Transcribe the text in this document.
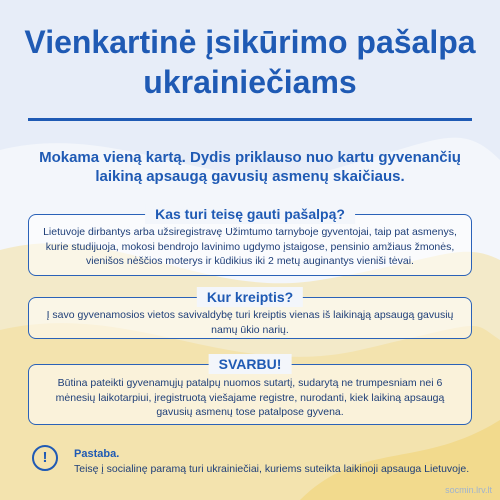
Vienkartinė įsikūrimo pašalpa ukrainiečiams
Mokama vieną kartą. Dydis priklauso nuo kartu gyvenančių laikiną apsaugą gavusių asmenų skaičiaus.
Kas turi teisę gauti pašalpą?
Lietuvoje dirbantys arba užsiregistravę Užimtumo tarnyboje gyventojai, taip pat asmenys, kurie studijuoja, mokosi bendrojo lavinimo ugdymo įstaigose, pensinio amžiaus žmonės, vienišos nėščios moterys ir kūdikius iki 2 metų auginantys vieniši tėvai.
Kur kreiptis?
Į savo gyvenamosios vietos savivaldybę turi kreiptis vienas iš laikinąją apsaugą gavusių namų ūkio narių.
SVARBU!
Būtina pateikti gyvenamųjų patalpų nuomos sutartį, sudarytą ne trumpesniam nei 6 mėnesių laikotarpiui, įregistruotą viešajame registre, nurodanti, kiek laikiną apsaugą gavusių asmenų tose patalpose gyvena.
!	Pastaba.
Teisę į socialinę paramą turi ukrainiečiai, kuriems suteikta laikinoji apsauga Lietuvoje.
socmin.lrv.lt
